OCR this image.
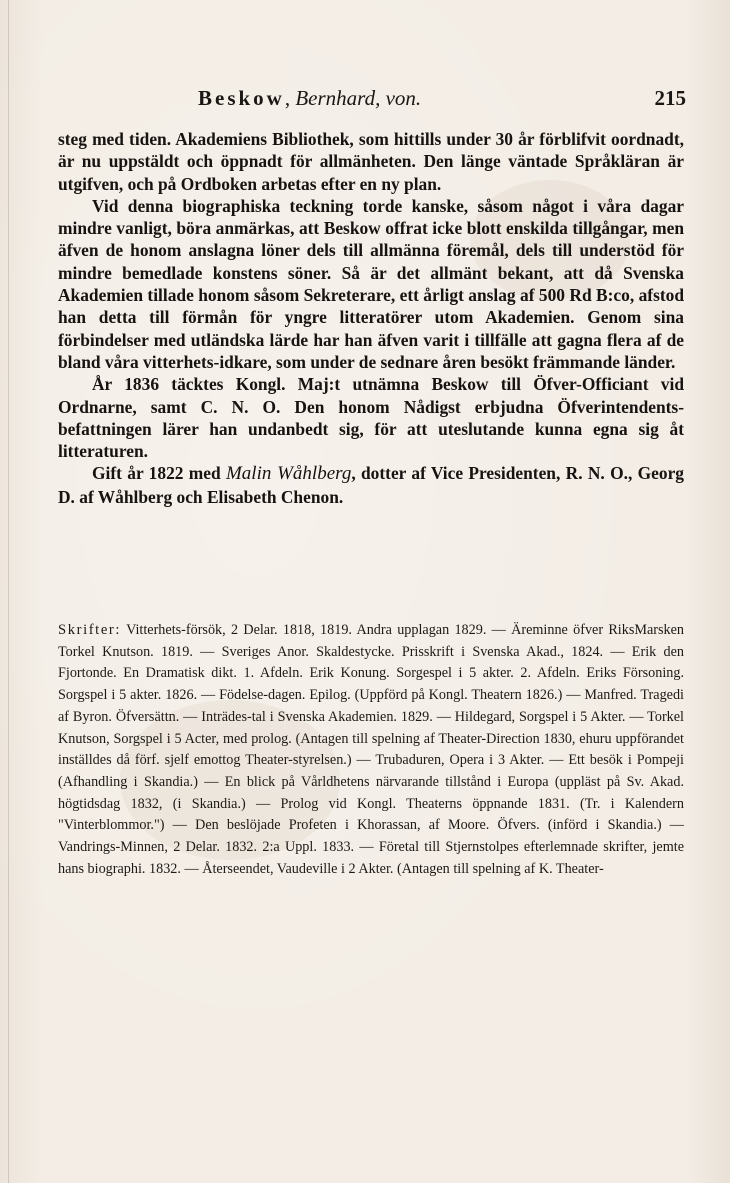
Beskow, Bernhard, von.	215

steg med tiden. Akademiens Bibliothek, som hittills under 30 år förblifvit oordnadt, är nu uppstäldt och öppnadt för allmänheten. Den länge väntade Språkläran är utgifven, och på Ordboken arbetas efter en ny plan.

Vid denna biographiska teckning torde kanske, såsom något i våra dagar mindre vanligt, böra anmärkas, att Beskow offrat icke blott enskilda tillgångar, men äfven de honom anslagna löner dels till allmänna föremål, dels till understöd för mindre bemedlade konstens söner. Så är det allmänt bekant, att då Svenska Akademien tillade honom såsom Sekreterare, ett årligt anslag af 500 Rd B:co, afstod han detta till förmån för yngre litteratörer utom Akademien. Genom sina förbindelser med utländska lärde har han äfven varit i tillfälle att gagna flera af de bland våra vitterhets-idkare, som under de sednare åren besökt främmande länder.

År 1836 täcktes Kongl. Maj:t utnämna Beskow till Öfver-Officiant vid Ordnarne, samt C. N. O. Den honom Nådigst erbjudna Öfverintendents-befattningen lärer han undanbedt sig, för att uteslutande kunna egna sig åt litteraturen.

Gift år 1822 med Malin Wåhlberg, dotter af Vice Presidenten, R. N. O., Georg D. af Wåhlberg och Elisabeth Chenon.

Skrifter: Vitterhets-försök, 2 Delar. 1818, 1819. Andra upplagan 1829. — Äreminne öfver RiksMarsken Torkel Knutson. 1819. — Sveriges Anor. Skaldestycke. Prisskrift i Svenska Akad., 1824. — Erik den Fjortonde. En Dramatisk dikt. 1. Afdeln. Erik Konung. Sorgespel i 5 akter. 2. Afdeln. Eriks Försoning. Sorgspel i 5 akter. 1826. — Födelse-dagen. Epilog. (Uppförd på Kongl. Theatern 1826.) — Manfred. Tragedi af Byron. Öfversättn. — Inträdes-tal i Svenska Akademien. 1829. — Hildegard, Sorgspel i 5 Akter. — Torkel Knutson, Sorgspel i 5 Acter, med prolog. (Antagen till spelning af Theater-Direction 1830, ehuru uppförandet inställdes då förf. sjelf emottog Theater-styrelsen.) — Trubaduren, Opera i 3 Akter. — Ett besök i Pompeji (Afhandling i Skandia.) — En blick på Vårldhetens närvarande tillstånd i Europa (uppläst på Sv. Akad. högtidsdag 1832, (i Skandia.) — Prolog vid Kongl. Theaterns öppnande 1831. (Tr. i Kalendern "Vinterblommor.") — Den beslöjade Profeten i Khorassan, af Moore. Öfvers. (införd i Skandia.) — Vandrings-Minnen, 2 Delar. 1832. 2:a Uppl. 1833. — Företal till Stjernstolpes efterlemnade skrifter, jemte hans biographi. 1832. — Återseendet, Vaudeville i 2 Akter. (Antagen till spelning af K. Theater-
